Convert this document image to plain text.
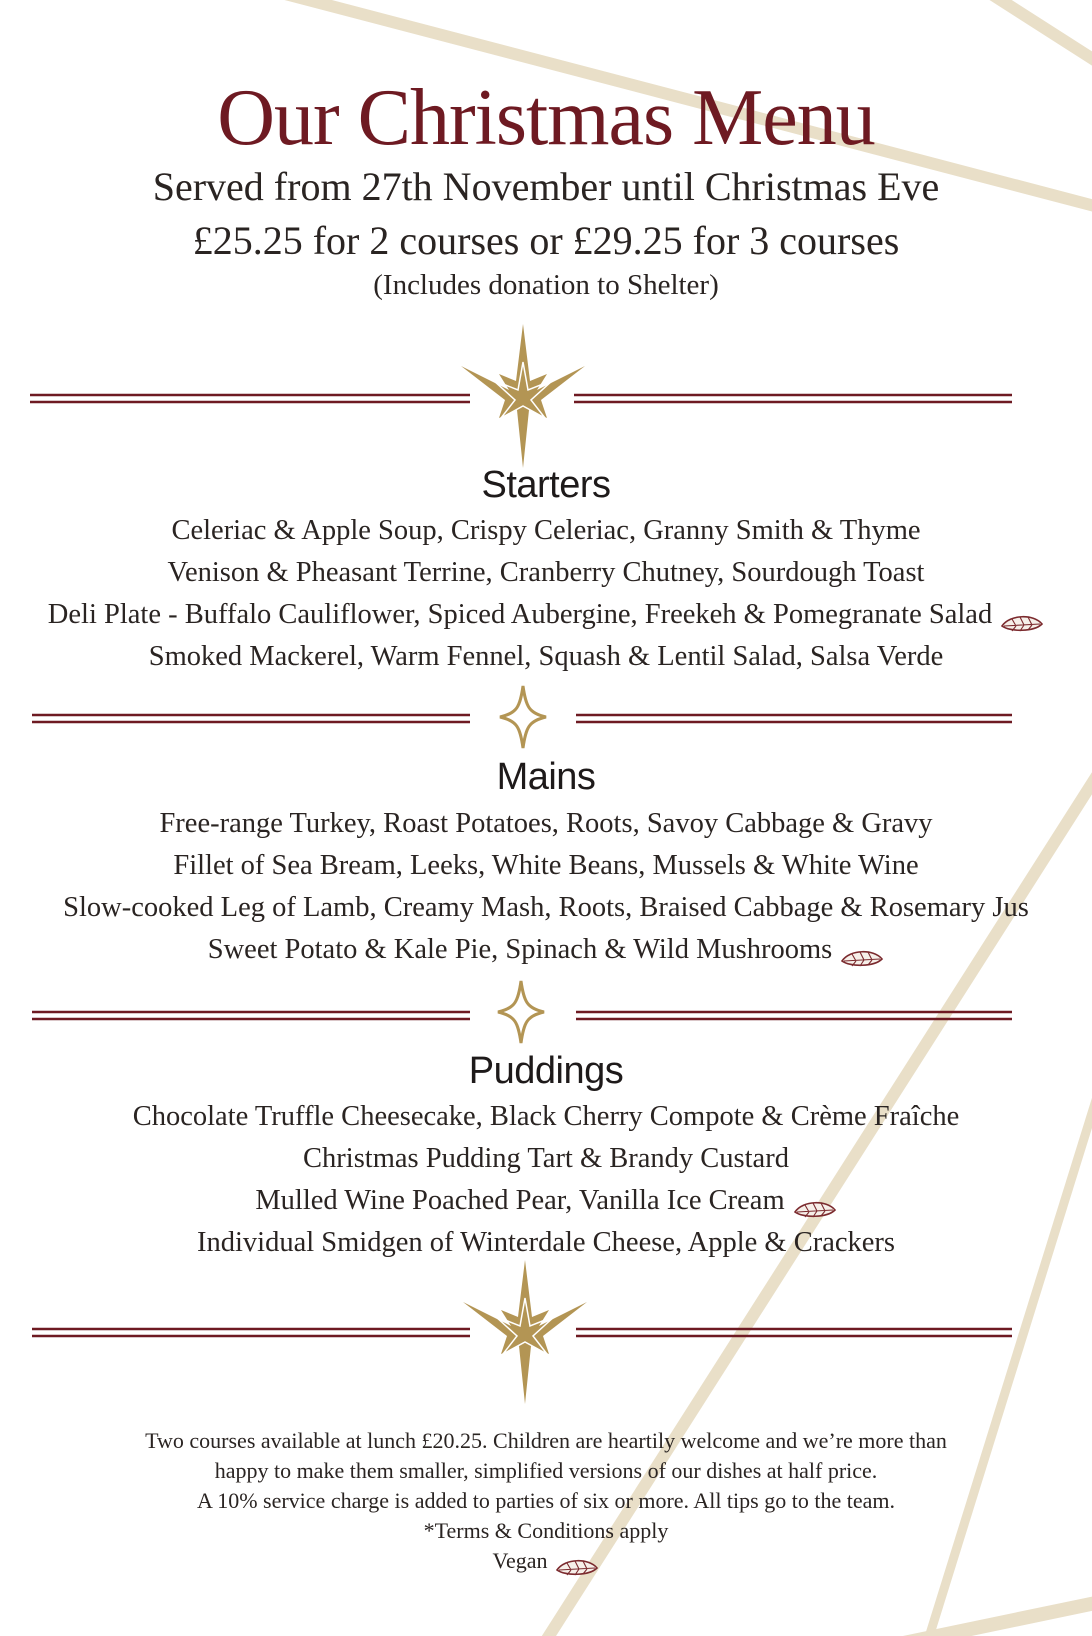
Our Christmas Menu
Served from 27th November until Christmas Eve
£25.25 for 2 courses or £29.25 for 3 courses
(Includes donation to Shelter)
Starters
Celeriac & Apple Soup, Crispy Celeriac, Granny Smith & Thyme
Venison & Pheasant Terrine, Cranberry Chutney, Sourdough Toast
Deli Plate - Buffalo Cauliflower, Spiced Aubergine, Freekeh & Pomegranate Salad
Smoked Mackerel, Warm Fennel, Squash & Lentil Salad, Salsa Verde
Mains
Free-range Turkey, Roast Potatoes, Roots, Savoy Cabbage & Gravy
Fillet of Sea Bream, Leeks, White Beans, Mussels & White Wine
Slow-cooked Leg of Lamb, Creamy Mash, Roots, Braised Cabbage & Rosemary Jus
Sweet Potato & Kale Pie, Spinach & Wild Mushrooms
Puddings
Chocolate Truffle Cheesecake, Black Cherry Compote & Crème Fraîche
Christmas Pudding Tart & Brandy Custard
Mulled Wine Poached Pear, Vanilla Ice Cream
Individual Smidgen of Winterdale Cheese, Apple & Crackers
Two courses available at lunch £20.25. Children are heartily welcome and we’re more than
happy to make them smaller, simplified versions of our dishes at half price.
A 10% service charge is added to parties of six or more. All tips go to the team.
*Terms & Conditions apply
Vegan
